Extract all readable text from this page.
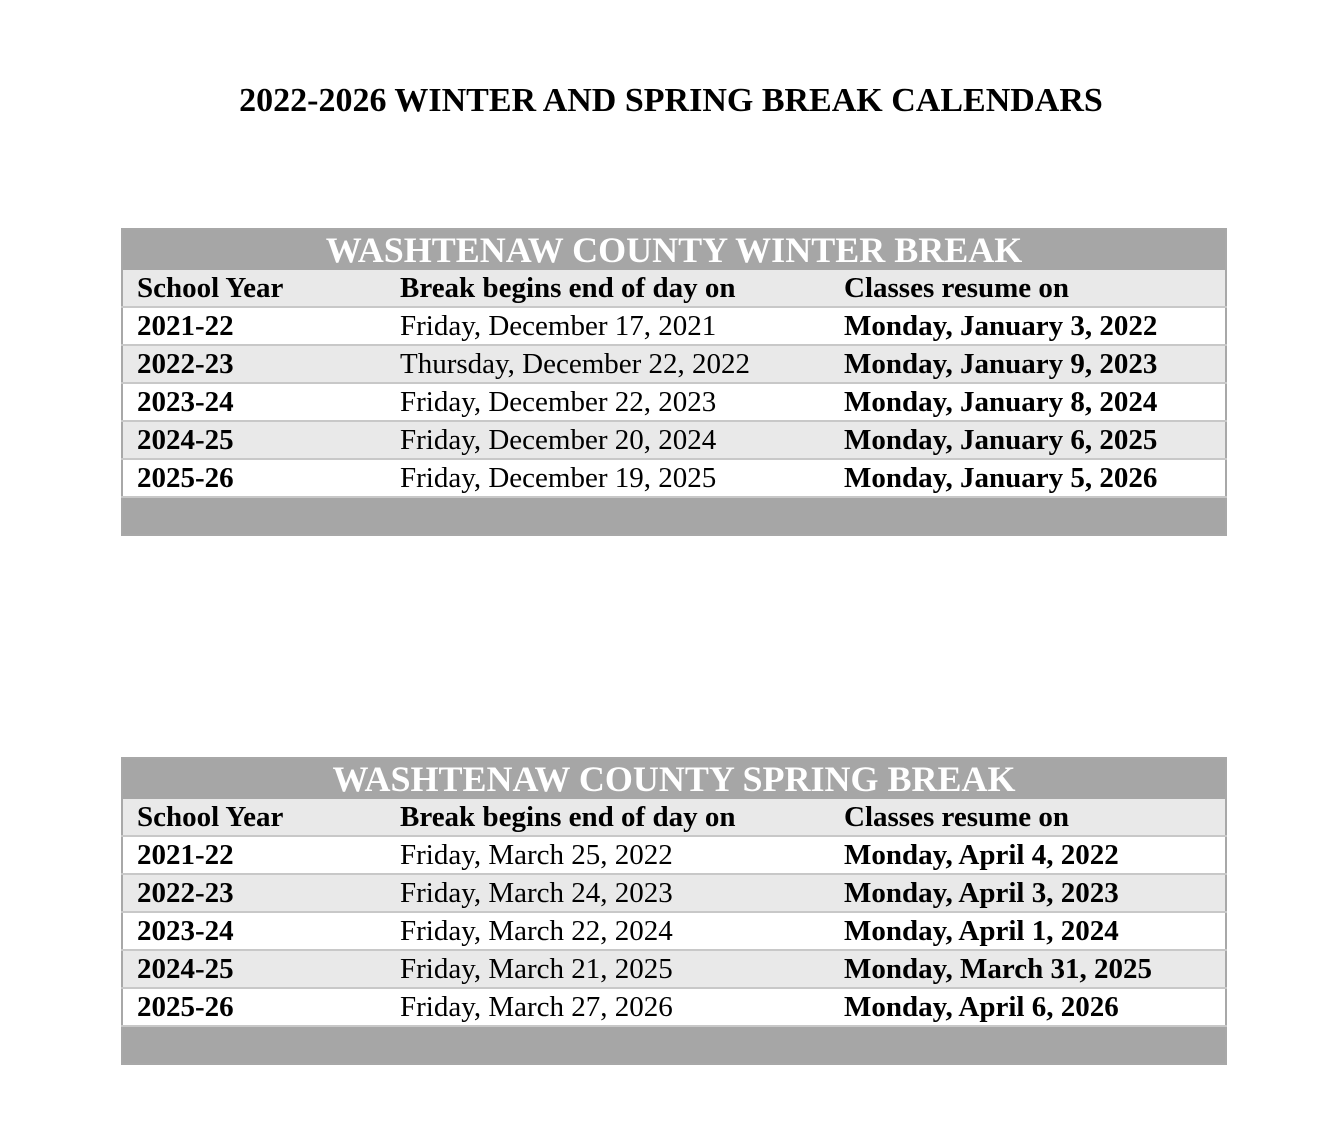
2022-2026 WINTER AND SPRING BREAK CALENDARS
WASHTENAW COUNTY WINTER BREAK		
School Year	Break begins end of day on	Classes resume on
2021-22	Friday, December 17, 2021	Monday, January 3, 2022
2022-23	Thursday, December 22, 2022	Monday, January 9, 2023
2023-24	Friday, December 22, 2023	Monday, January 8, 2024
2024-25	Friday, December 20, 2024	Monday, January 6, 2025
2025-26	Friday, December 19, 2025	Monday, January 5, 2026

WASHTENAW COUNTY SPRING BREAK		
School Year	Break begins end of day on	Classes resume on
2021-22	Friday, March 25, 2022	Monday, April 4, 2022
2022-23	Friday, March 24, 2023	Monday, April 3, 2023
2023-24	Friday, March 22, 2024	Monday, April 1, 2024
2024-25	Friday, March 21, 2025	Monday, March 31, 2025
2025-26	Friday, March 27, 2026	Monday, April 6, 2026
